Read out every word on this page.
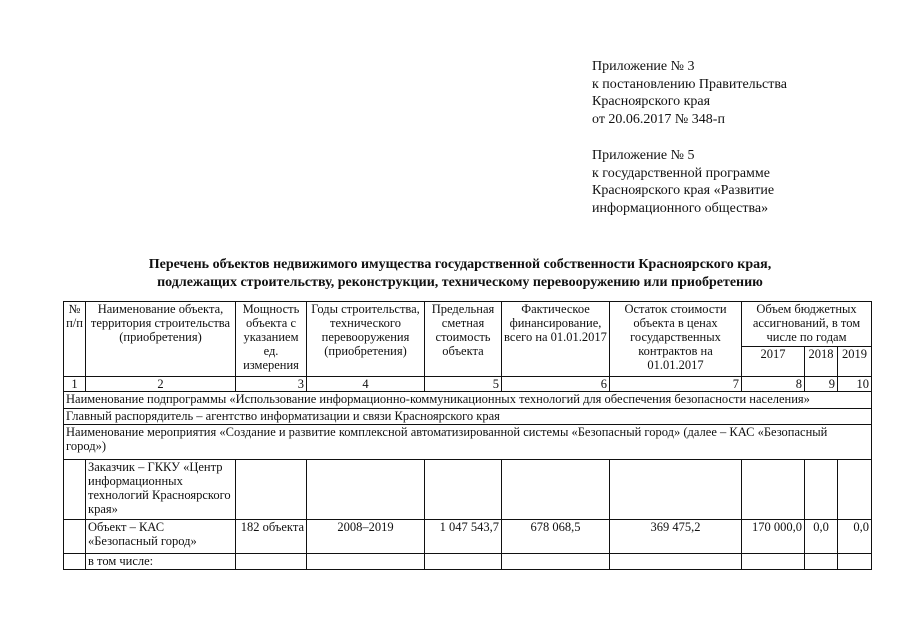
Приложение № 3
к постановлению Правительства
Красноярского края
от 20.06.2017 № 348-п
Приложение № 5
к государственной программе
Красноярского края «Развитие
информационного общества»
Перечень объектов недвижимого имущества государственной собственности Красноярского края,
подлежащих строительству, реконструкции, техническому перевооружению или приобретению
№ п/п	Наименование объекта, территория строительства (приобретения)	Мощность объекта с указанием ед. измерения	Годы строительства, технического перевооружения (приобретения)	Предельная сметная стоимость объекта	Фактическое финансирование, всего на 01.01.2017	Остаток стоимости объекта в ценах государственных контрактов на 01.01.2017	Объем бюджетных ассигнований, в том числе по годам		
							2017	2018	2019
1	2	3	4	5	6	7	8	9	10
Наименование подпрограммы «Использование информационно-коммуникационных технологий для обеспечения безопасности населения»									
Главный распорядитель – агентство информатизации и связи Красноярского края									
Наименование мероприятия «Создание и развитие комплексной автоматизированной системы «Безопасный город» (далее – КАС «Безопасный город»)									
	Заказчик – ГККУ «Центр информационных технологий Красноярского края»								
	Объект – КАС «Безопасный город»	182 объекта	2008–2019	1 047 543,7	678 068,5	369 475,2	170 000,0	0,0	0,0
	в том числе:								
